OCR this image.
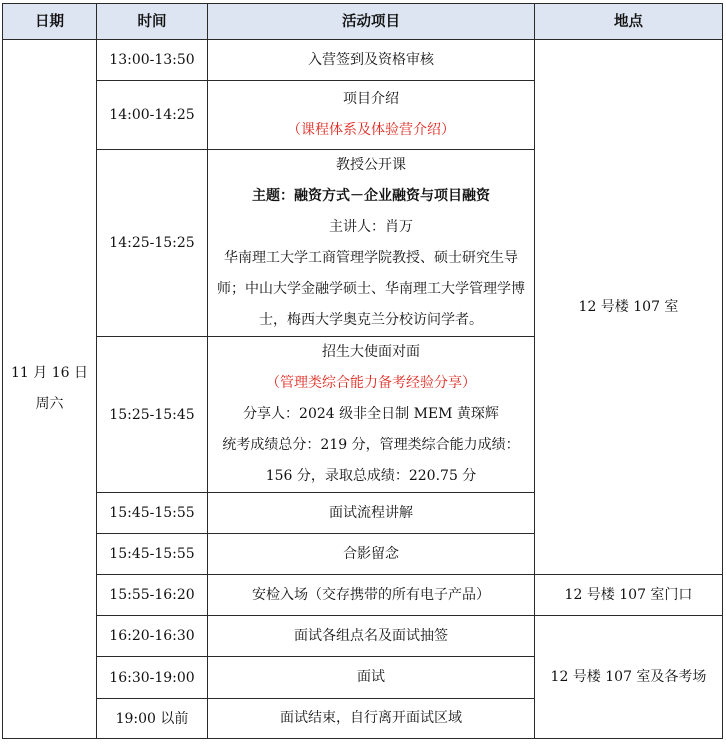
日期	时间	活动项目	地点

11 月 16 日
周六	13:00-13:50	入营签到及资格审核	12 号楼 107 室
	14:00-14:25	项目介绍
（课程体系及体验营介绍）	

	14:25-15:25	教授公开课
主题：融资方式－企业融资与项目融资
主讲人：肖万
华南理工大学工商管理学院教授、硕士研究生导师；中山大学金融学硕士、华南理工大学管理学博士，梅西大学奥克兰分校访问学者。	

	15:25-15:45	招生大使面对面
（管理类综合能力备考经验分享）
分享人：2024 级非全日制 MEM 黄琛辉
统考成绩总分：219 分，管理类综合能力成绩：156 分，录取总成绩：220.75 分	

	15:45-15:55	面试流程讲解	

	15:45-15:55	合影留念	

	15:55-16:20	安检入场（交存携带的所有电子产品）	12 号楼 107 室门口
	16:20-16:30	面试各组点名及面试抽签	12 号楼 107 室及各考场
	16:30-19:00	面试	

	19:00 以前	面试结束，自行离开面试区域	
